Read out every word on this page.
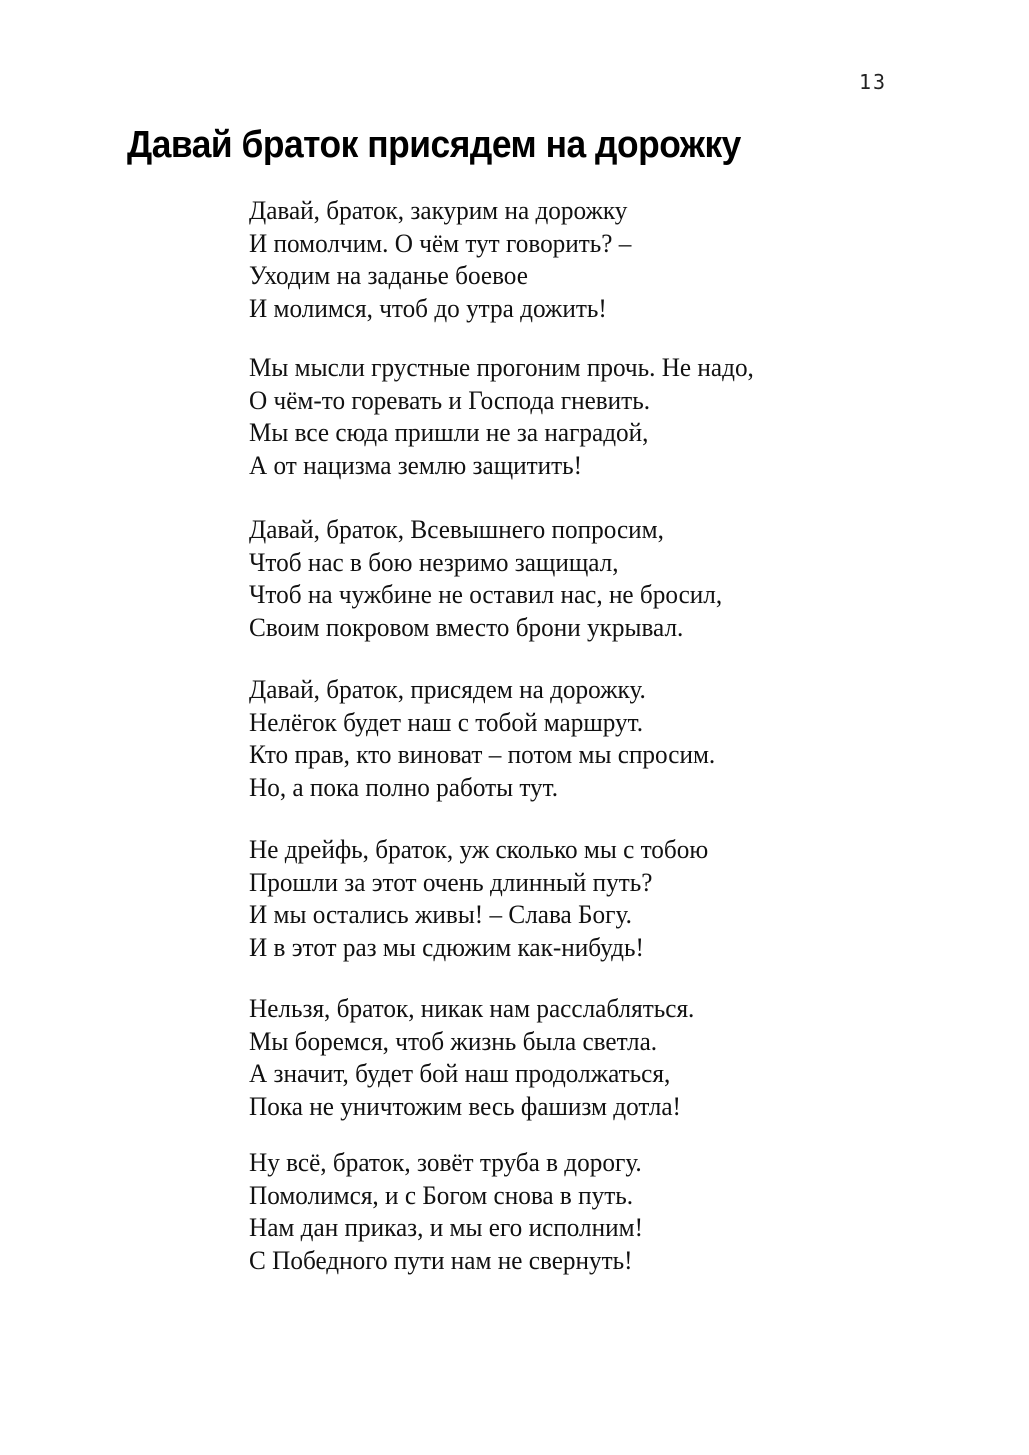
13
Давай браток присядем на дорожку
Давай, браток, закурим на дорожку
И помолчим. О чём тут говорить? –
Уходим на заданье боевое
И молимся, чтоб до утра дожить!
Мы мысли грустные прогоним прочь. Не надо,
О чём-то горевать и Господа гневить.
Мы все сюда пришли не за наградой,
А от нацизма землю защитить!
Давай, браток, Всевышнего попросим,
Чтоб нас в бою незримо защищал,
Чтоб на чужбине не оставил нас, не бросил,
Своим покровом вместо брони укрывал.
Давай, браток, присядем на дорожку.
Нелёгок будет наш с тобой маршрут.
Кто прав, кто виноват – потом мы спросим.
Но, а пока полно работы тут.
Не дрейфь, браток, уж сколько мы с тобою
Прошли за этот очень длинный путь?
И мы остались живы! – Слава Богу.
И в этот раз мы сдюжим как-нибудь!
Нельзя, браток, никак нам расслабляться.
Мы боремся, чтоб жизнь была светла.
А значит, будет бой наш продолжаться,
Пока не уничтожим весь фашизм дотла!
Ну всё, браток, зовёт труба в дорогу.
Помолимся, и с Богом снова в путь.
Нам дан приказ, и мы его исполним!
С Победного пути нам не свернуть!
